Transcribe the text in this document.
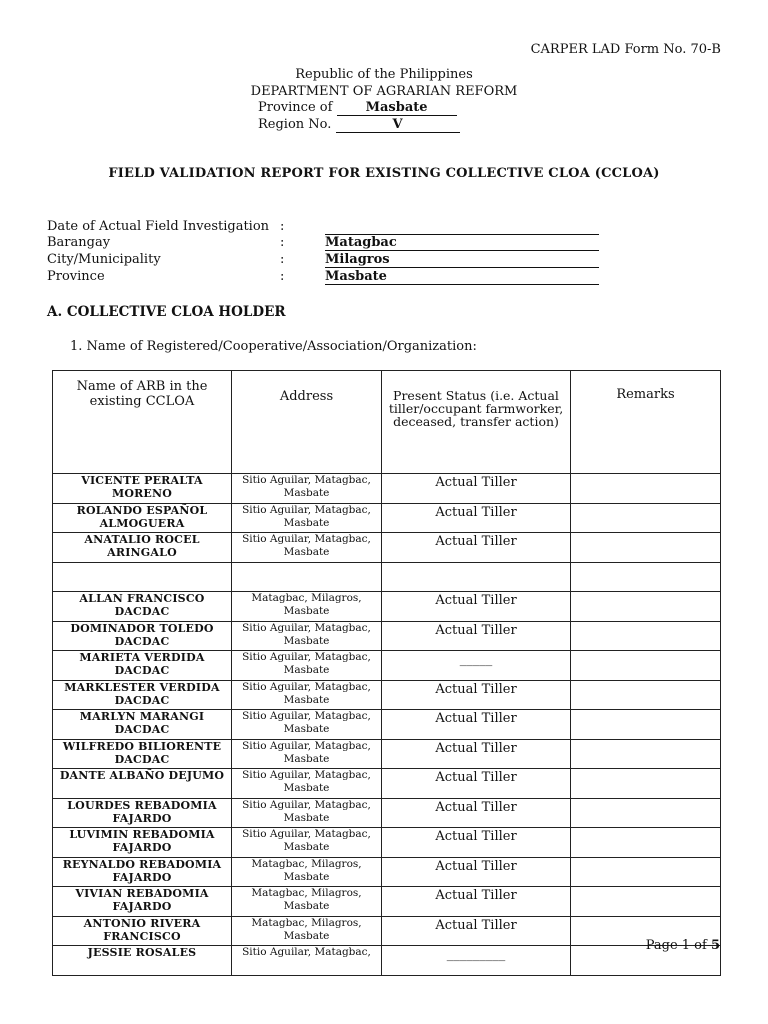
CARPER LAD Form No. 70-B
Republic of the Philippines
DEPARTMENT OF AGRARIAN REFORM
Province of	Masbate
Region No.	V
FIELD VALIDATION REPORT FOR EXISTING COLLECTIVE CLOA (CCLOA)
Date of Actual Field Investigation :
Barangay	:	Matagbac
City/Municipality	:	Milagros
Province	:	Masbate
A. COLLECTIVE CLOA HOLDER
1. Name of Registered/Cooperative/Association/Organization:
Name of ARB in the existing CCLOA	Address	Present Status (i.e. Actual tiller/occupant farmworker, deceased, transfer action)	Remarks
VICENTE PERALTA MORENO	Sitio Aguilar, Matagbac, Masbate	Actual Tiller	
ROLANDO ESPAÑOL ALMOGUERA	Sitio Aguilar, Matagbac, Masbate	Actual Tiller	
ANATALIO ROCEL ARINGALO	Sitio Aguilar, Matagbac, Masbate	Actual Tiller	

ALLAN FRANCISCO DACDAC	Matagbac, Milagros, Masbate	Actual Tiller	
DOMINADOR TOLEDO DACDAC	Sitio Aguilar, Matagbac, Masbate	Actual Tiller	
MARIETA VERDIDA DACDAC	Sitio Aguilar, Matagbac, Masbate	_____	
MARKLESTER VERDIDA DACDAC	Sitio Aguilar, Matagbac, Masbate	Actual Tiller	
MARLYN MARANGI DACDAC	Sitio Aguilar, Matagbac, Masbate	Actual Tiller	
WILFREDO BILIORENTE DACDAC	Sitio Aguilar, Matagbac, Masbate	Actual Tiller	
DANTE ALBAÑO DEJUMO	Sitio Aguilar, Matagbac, Masbate	Actual Tiller	
LOURDES REBADOMIA FAJARDO	Sitio Aguilar, Matagbac, Masbate	Actual Tiller	
LUVIMIN REBADOMIA FAJARDO	Sitio Aguilar, Matagbac, Masbate	Actual Tiller	
REYNALDO REBADOMIA FAJARDO	Matagbac, Milagros, Masbate	Actual Tiller	
VIVIAN REBADOMIA FAJARDO	Matagbac, Milagros, Masbate	Actual Tiller	
ANTONIO RIVERA FRANCISCO	Matagbac, Milagros, Masbate	Actual Tiller	
JESSIE ROSALES	Sitio Aguilar, Matagbac,	_________	
Page 1 of 5
